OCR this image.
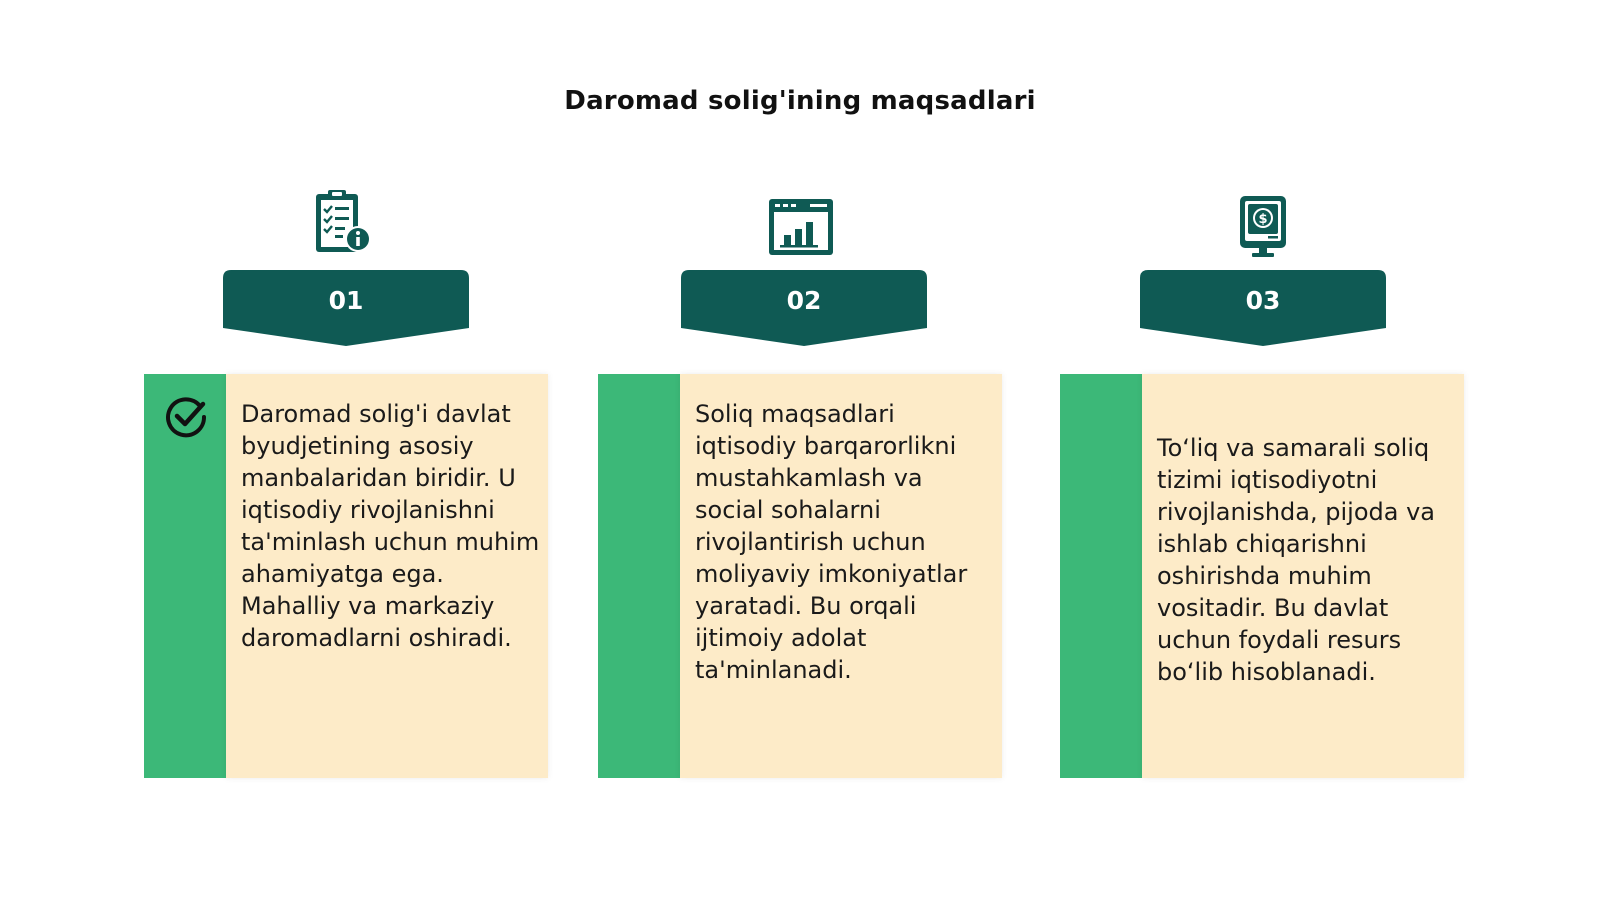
Daromad solig'ining maqsadlari
$
01	02	03
Daromad solig'i davlat byudjetining asosiy manbalaridan biridir. U iqtisodiy rivojlanishni ta'minlash uchun muhim ahamiyatga ega. Mahalliy va markaziy daromadlarni oshiradi.
Soliq maqsadlari iqtisodiy barqarorlikni mustahkamlash va social sohalarni rivojlantirish uchun moliyaviy imkoniyatlar yaratadi. Bu orqali ijtimoiy adolat ta'minlanadi.
To‘liq va samarali soliq tizimi iqtisodiyotni rivojlanishda, pijoda va ishlab chiqarishni oshirishda muhim vositadir. Bu davlat uchun foydali resurs bo‘lib hisoblanadi.
